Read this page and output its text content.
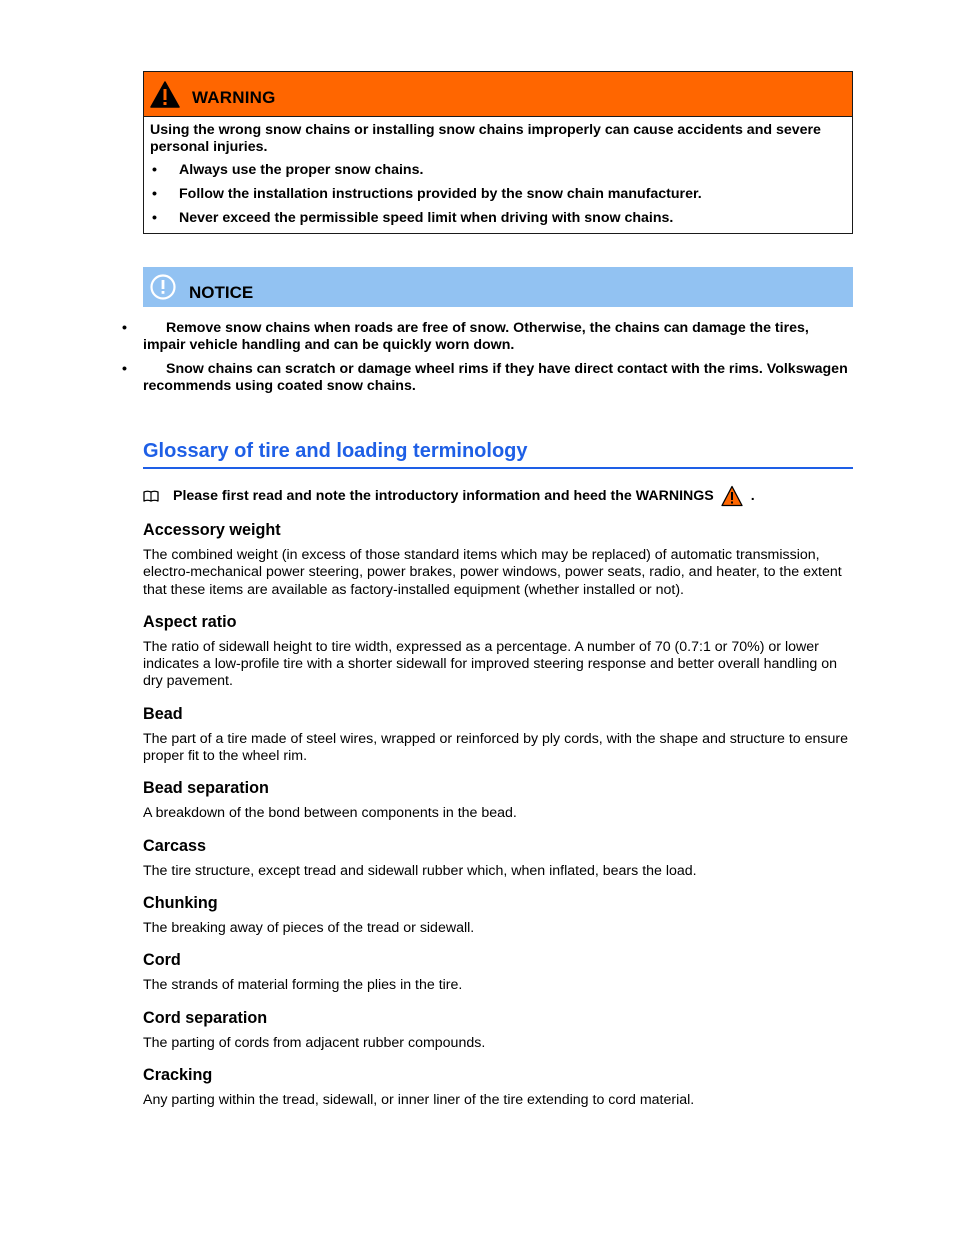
WARNING

Using the wrong snow chains or installing snow chains improperly can cause accidents and severe personal injuries.

• Always use the proper snow chains.
• Follow the installation instructions provided by the snow chain manufacturer.
• Never exceed the permissible speed limit when driving with snow chains.
NOTICE
•	Remove snow chains when roads are free of snow. Otherwise, the chains can damage the tires, impair vehicle handling and can be quickly worn down.
•	Snow chains can scratch or damage wheel rims if they have direct contact with the rims. Volkswagen recommends using coated snow chains.
Glossary of tire and loading terminology
Please first read and note the introductory information and heed the WARNINGS	.

Accessory weight

The combined weight (in excess of those standard items which may be replaced) of automatic transmission, electro-mechanical power steering, power brakes, power windows, power seats, radio, and heater, to the extent that these items are available as factory-installed equipment (whether installed or not).

Aspect ratio

The ratio of sidewall height to tire width, expressed as a percentage. A number of 70 (0.7:1 or 70%) or lower indicates a low-profile tire with a shorter sidewall for improved steering response and better overall handling on dry pavement.

Bead

The part of a tire made of steel wires, wrapped or reinforced by ply cords, with the shape and structure to ensure proper fit to the wheel rim.

Bead separation

A breakdown of the bond between components in the bead.

Carcass

The tire structure, except tread and sidewall rubber which, when inflated, bears the load.

Chunking

The breaking away of pieces of the tread or sidewall.

Cord

The strands of material forming the plies in the tire.

Cord separation

The parting of cords from adjacent rubber compounds.

Cracking

Any parting within the tread, sidewall, or inner liner of the tire extending to cord material.
